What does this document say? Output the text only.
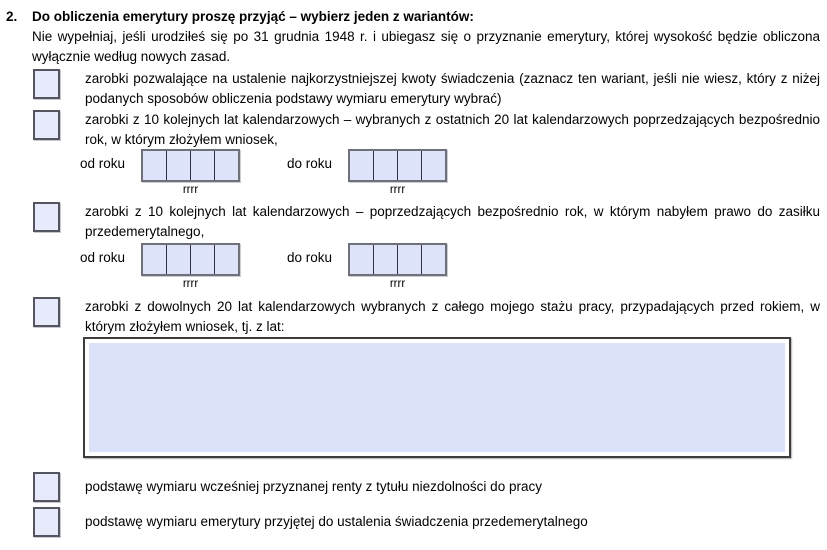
2. Do obliczenia emerytury proszę przyjąć – wybierz jeden z wariantów:
Nie wypełniaj, jeśli urodziłeś się po 31 grudnia 1948 r. i ubiegasz się o przyznanie emerytury, której wysokość będzie obliczona wyłącznie według nowych zasad.
zarobki pozwalające na ustalenie najkorzystniejszej kwoty świadczenia (zaznacz ten wariant, jeśli nie wiesz, który z niżej podanych sposobów obliczenia podstawy wymiaru emerytury wybrać)
zarobki z 10 kolejnych lat kalendarzowych – wybranych z ostatnich 20 lat kalendarzowych poprzedzających bezpośrednio rok, w którym złożyłem wniosek,
od roku
rrrr
do roku
rrrr
zarobki z 10 kolejnych lat kalendarzowych – poprzedzających bezpośrednio rok, w którym nabyłem prawo do zasiłku przedemerytalnego,
od roku
rrrr
do roku
rrrr
zarobki z dowolnych 20 lat kalendarzowych wybranych z całego mojego stażu pracy, przypadających przed rokiem, w którym złożyłem wniosek, tj. z lat:
podstawę wymiaru wcześniej przyznanej renty z tytułu niezdolności do pracy
podstawę wymiaru emerytury przyjętej do ustalenia świadczenia przedemerytalnego
